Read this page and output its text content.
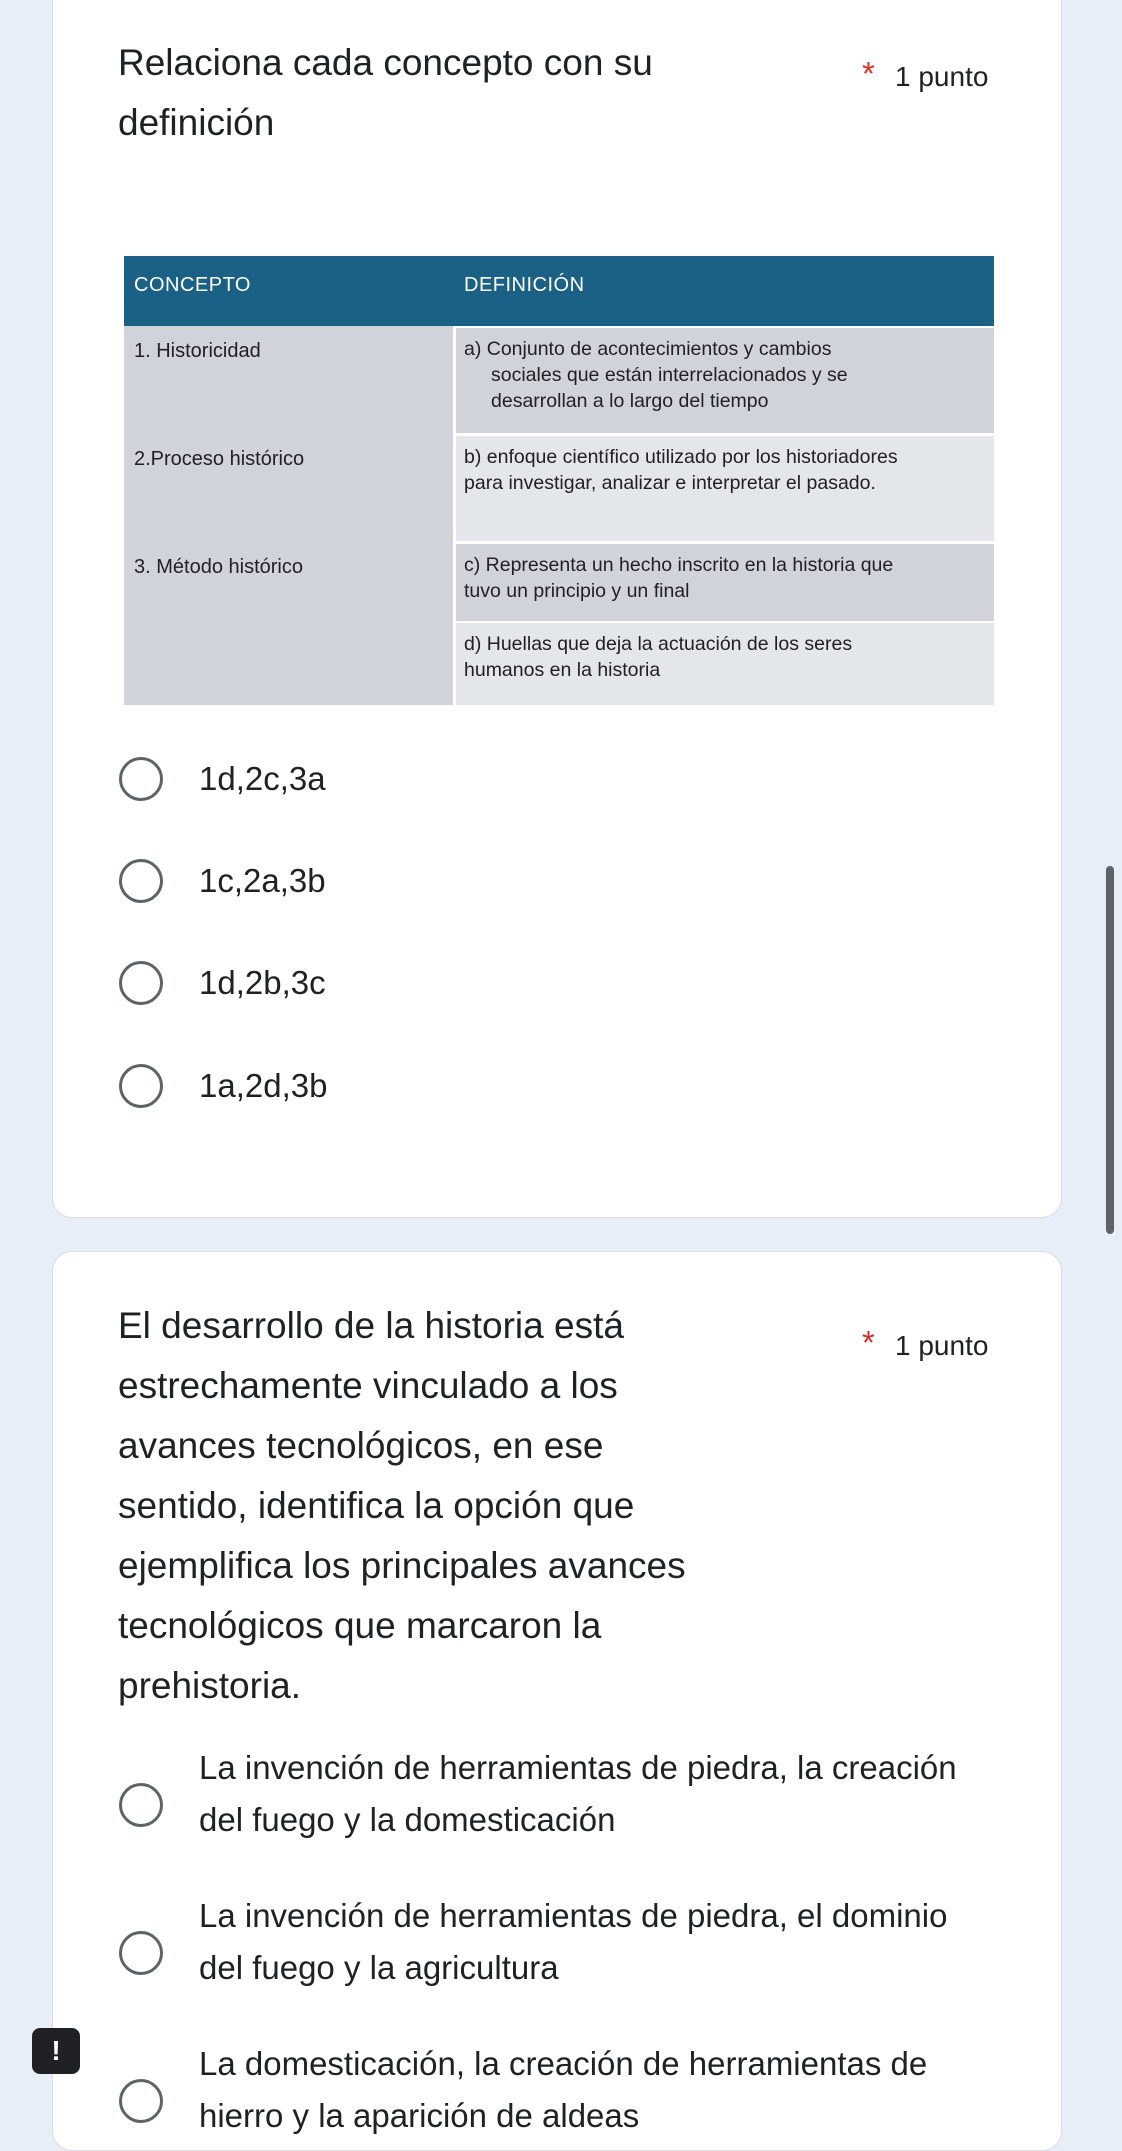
Relaciona cada concepto con su definición
* 1 punto
CONCEPTO	DEFINICIÓN
1. Historicidad
2.Proceso histórico
3. Método histórico
a) Conjunto de acontecimientos y cambios
sociales que están interrelacionados y se
desarrollan a lo largo del tiempo
b) enfoque científico utilizado por los historiadores
para investigar, analizar e interpretar el pasado.
c) Representa un hecho inscrito en la historia que
tuvo un principio y un final
d) Huellas que deja la actuación de los seres
humanos en la historia
1d,2c,3a
1c,2a,3b
1d,2b,3c
1a,2d,3b
El desarrollo de la historia está estrechamente vinculado a los avances tecnológicos, en ese sentido, identifica la opción que ejemplifica los principales avances tecnológicos que marcaron la prehistoria.
* 1 punto
La invención de herramientas de piedra, la creación del fuego y la domesticación
La invención de herramientas de piedra, el dominio del fuego y la agricultura
La domesticación, la creación de herramientas de hierro y la aparición de aldeas
!
